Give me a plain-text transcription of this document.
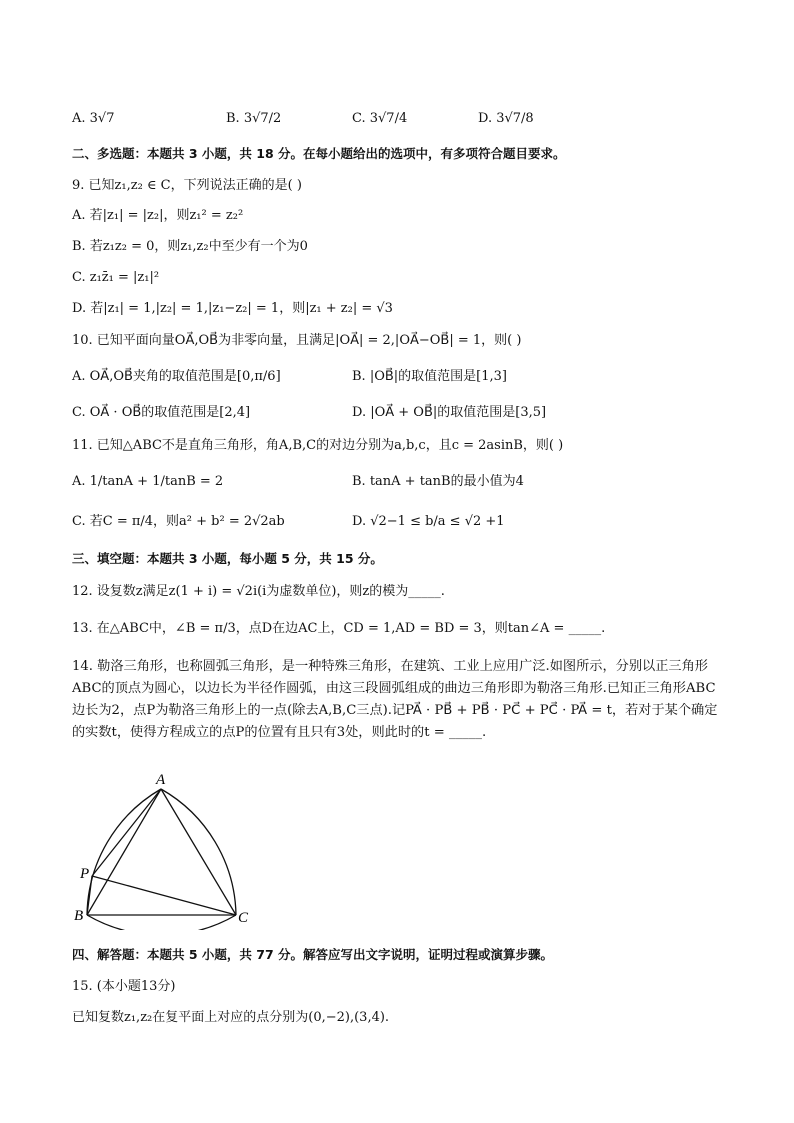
A. 3√7	B. 3√7/2	C. 3√7/4	D. 3√7/8
二、多选题：本题共 3 小题，共 18 分。在每小题给出的选项中，有多项符合题目要求。
9. 已知z₁,z₂ ∈ C，下列说法正确的是( )
A. 若|z₁| = |z₂|，则z₁² = z₂²
B. 若z₁z₂ = 0，则z₁,z₂中至少有一个为0
C. z₁z̄₁ = |z₁|²
D. 若|z₁| = 1,|z₂| = 1,|z₁−z₂| = 1，则|z₁ + z₂| = √3
10. 已知平面向量OA⃗,OB⃗为非零向量，且满足|OA⃗| = 2,|OA⃗−OB⃗| = 1，则( )
A. OA⃗,OB⃗夹角的取值范围是[0,π/6]	B. |OB⃗|的取值范围是[1,3]
C. OA⃗ · OB⃗的取值范围是[2,4]	D. |OA⃗ + OB⃗|的取值范围是[3,5]
11. 已知△ABC不是直角三角形，角A,B,C的对边分别为a,b,c，且c = 2asinB，则( )
A. 1/tanA + 1/tanB = 2	B. tanA + tanB的最小值为4
C. 若C = π/4，则a² + b² = 2√2ab	D. √2−1 ≤ b/a ≤ √2 +1
三、填空题：本题共 3 小题，每小题 5 分，共 15 分。
12. 设复数z满足z(1 + i) = √2i(i为虚数单位)，则z的模为_____.
13. 在△ABC中，∠B = π/3，点D在边AC上，CD = 1,AD = BD = 3，则tan∠A = _____.
14. 勒洛三角形，也称圆弧三角形，是一种特殊三角形，在建筑、工业上应用广泛.如图所示，分别以正三角形ABC的顶点为圆心，以边长为半径作圆弧，由这三段圆弧组成的曲边三角形即为勒洛三角形.已知正三角形ABC边长为2，点P为勒洛三角形上的一点(除去A,B,C三点).记PA⃗ · PB⃗ + PB⃗ · PC⃗ + PC⃗ · PA⃗ = t，若对于某个确定的实数t，使得方程成立的点P的位置有且只有3处，则此时的t = _____.
A
B	C
P
四、解答题：本题共 5 小题，共 77 分。解答应写出文字说明，证明过程或演算步骤。
15. (本小题13分)
已知复数z₁,z₂在复平面上对应的点分别为(0,−2),(3,4).
